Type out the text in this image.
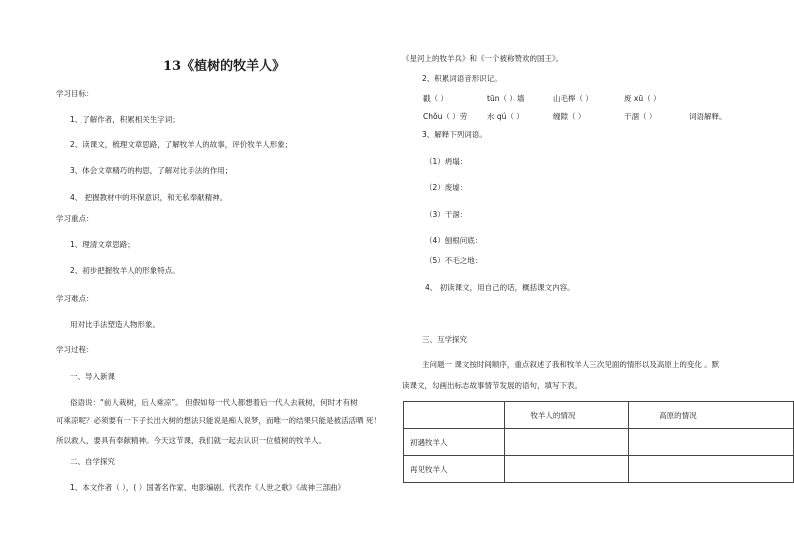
13《植树的牧羊人》
学习目标：
1、了解作者，积累相关生字词；
2、读课文，梳理文章思路，了解牧羊人的故事，评价牧羊人形象；
3、体会文章精巧的构思，了解对比手法的作用；
4、 把握教材中的环保意识，和无私奉献精神。
学习重点：
1、理清文章思路；
2、初步把握牧羊人的形象特点。
学习难点：
用对比手法塑造人物形象。
学习过程：
一、导入新课
俗语说：“前人栽树，后人乘凉”。 但假如每一代人都想着后一代人去栽树，何时才有树
可乘凉呢？必须要有一下子长出大树的想法只能说是痴人说梦，而唯一的结果只能是被活活晒 死！
所以救人，要具有奉献精神。今天这节课，我们就一起去认识一位植树的牧羊人。
二、自学探究
1、本文作者（ ），( ）国著名作家、电影编剧。代表作《人世之歌》《战神三部曲》
《星河上的牧羊兵》和《一个被称赞欢的国王》。
2、积累词语音形识记。
戳（ ）	tūn（ ）墙	山毛榉（ ）	废 xū（ ）
Chǒu（ ）劳	水 qú（ ）	缠隙（ ）	干涸（ ）	词语解释。
3、解释下列词语。
（1）坍塌：
（2）废墟：
（3）干涸：
（4）刨根问底：
（5）不毛之地：
4、 初读课文，用自己的话，概括课文内容。
三、互学探究
主问题一 课文按时间顺序，重点叙述了我和牧羊人三次见面的情形以及高原上的变化 。默
读课文，勾画出标志故事情节发展的语句，填写下表。
	牧羊人的情况	高原的情况
初遇牧羊人		
再见牧羊人		
